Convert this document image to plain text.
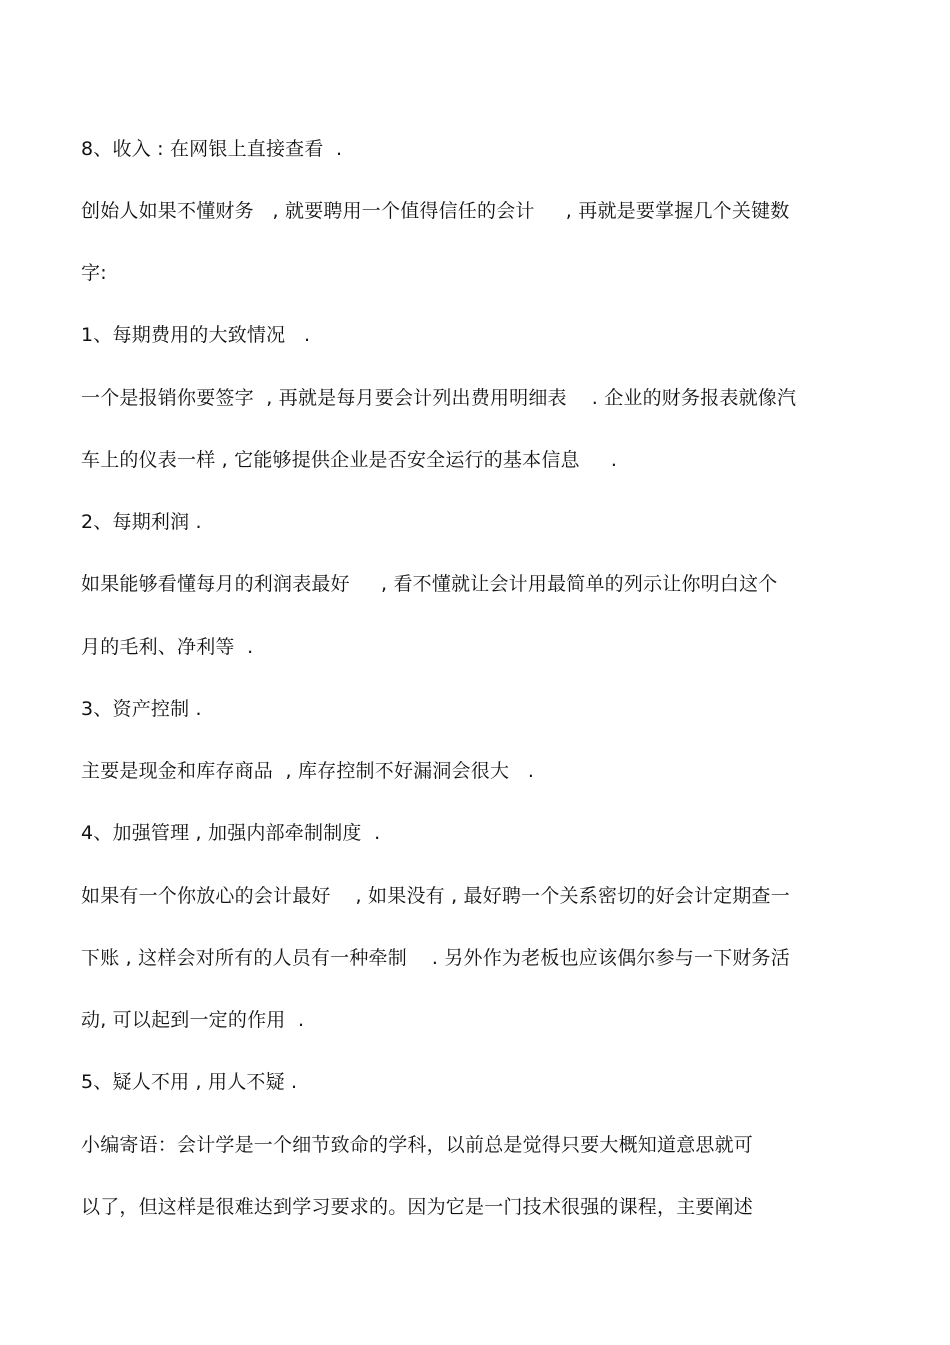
8、收入 : 在网银上直接查看  .
创始人如果不懂财务   , 就要聘用一个值得信任的会计     , 再就是要掌握几个关键数
字:
1、每期费用的大致情况   .
一个是报销你要签字  , 再就是每月要会计列出费用明细表    . 企业的财务报表就像汽
车上的仪表一样 , 它能够提供企业是否安全运行的基本信息     .
2、每期利润 .
如果能够看懂每月的利润表最好     , 看不懂就让会计用最简单的列示让你明白这个
月的毛利、净利等  .
3、资产控制 .
主要是现金和库存商品  , 库存控制不好漏洞会很大   .
4、加强管理 , 加强内部牵制制度  .
如果有一个你放心的会计最好    , 如果没有 , 最好聘一个关系密切的好会计定期查一
下账 , 这样会对所有的人员有一种牵制    . 另外作为老板也应该偶尔参与一下财务活
动, 可以起到一定的作用  .
5、疑人不用 , 用人不疑 .
小编寄语：会计学是一个细节致命的学科，以前总是觉得只要大概知道意思就可
以了，但这样是很难达到学习要求的。因为它是一门技术很强的课程，主要阐述
